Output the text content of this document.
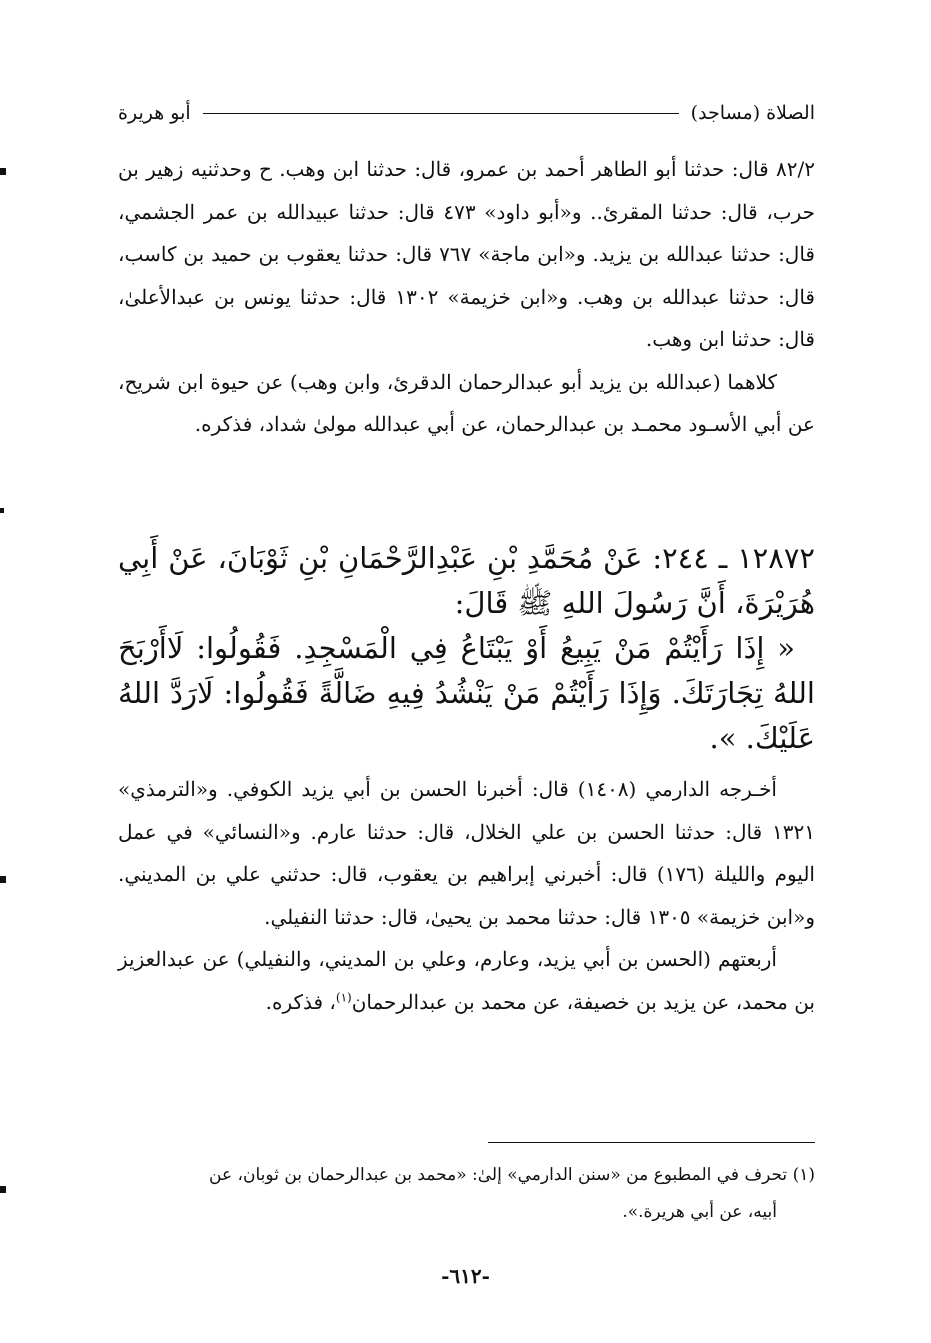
الصلاة (مساجد)
أبو هريرة

٨٢/٢ قال: حدثنا أبو الطاهر أحمد بن عمرو، قال: حدثنا ابن وهب. ح وحدثنيه زهير بن حرب، قال: حدثنا المقرئ.. و«أبو داود» ٤٧٣ قال: حدثنا عبيدالله بن عمر الجشمي، قال: حدثنا عبدالله بن يزيد. و«ابن ماجة» ٧٦٧ قال: حدثنا يعقوب بن حميد بن كاسب، قال: حدثنا عبدالله بن وهب. و«ابن خزيمة» ١٣٠٢ قال: حدثنا يونس بن عبدالأعلىٰ، قال: حدثنا ابن وهب.

كلاهما (عبدالله بن يزيد أبو عبدالرحمان الدقرئ، وابن وهب) عن حيوة ابن شريح، عن أبي الأسـود محمـد بن عبدالرحمان، عن أبي عبدالله مولىٰ شداد، فذكره.

١٢٨٧٢ ـ ٢٤٤: عَنْ مُحَمَّدِ بْنِ عَبْدِالرَّحْمَانِ بْنِ ثَوْبَانَ، عَنْ أَبِي هُرَيْرَةَ، أَنَّ رَسُولَ اللهِ ﷺ قَالَ:

« إِذَا رَأَيْتُمْ مَنْ يَبِيعُ أَوْ يَبْتَاعُ فِي الْمَسْجِدِ. فَقُولُوا: لَاأَرْبَحَ اللهُ تِجَارَتَكَ. وَإِذَا رَأَيْتُمْ مَنْ يَنْشُدُ فِيهِ ضَالَّةً فَقُولُوا: لَارَدَّ اللهُ عَلَيْكَ. ».

أخـرجه الدارمي (١٤٠٨) قال: أخبرنا الحسن بن أبي يزيد الكوفي. و«الترمذي» ١٣٢١ قال: حدثنا الحسن بن علي الخلال، قال: حدثنا عارم. و«النسائي» في عمل اليوم والليلة (١٧٦) قال: أخبرني إبراهيم بن يعقوب، قال: حدثني علي بن المديني. و«ابن خزيمة» ١٣٠٥ قال: حدثنا محمد بن يحيىٰ، قال: حدثنا النفيلي.

أربعتهم (الحسن بن أبي يزيد، وعارم، وعلي بن المديني، والنفيلي) عن عبدالعزيز بن محمد، عن يزيد بن خصيفة، عن محمد بن عبدالرحمان$^{(١)}$، فذكره.

(١) تحرف في المطبوع من «سنن الدارمي» إلىٰ: «محمد بن عبدالرحمان بن ثوبان، عن
أبيه، عن أبي هريرة.».
-٦١٢-
